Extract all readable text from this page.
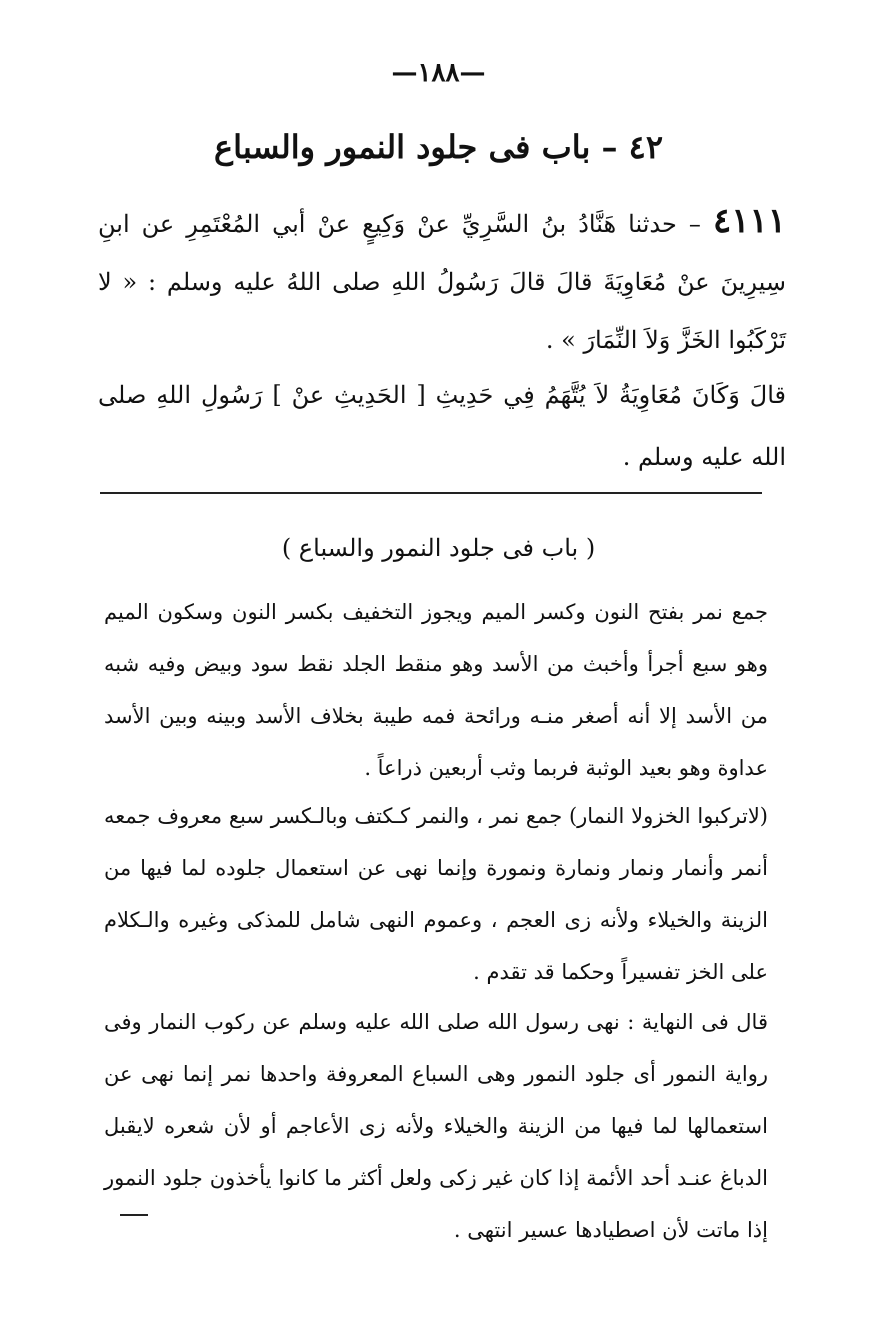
—١٨٨—
٤٢ – باب فى جلود النمور والسباع
٤١١١ – حدثنا هَنَّادُ بنُ السَّرِيِّ عنْ وَكِيعٍ عنْ أبي المُعْتَمِرِ عن ابنِ سِيرِينَ عنْ مُعَاوِيَةَ قالَ قالَ رَسُولُ اللهِ صلى اللهُ عليه وسلم : « لا تَرْكَبُوا الخَزَّ وَلاَ النِّمَارَ » .
قالَ وَكَانَ مُعَاوِيَةُ لاَ يُتَّهَمُ فِي حَدِيثِ [ الحَدِيثِ عنْ ] رَسُولِ اللهِ صلى الله عليه وسلم .
( باب فى جلود النمور والسباع )

جمع نمر بفتح النون وكسر الميم ويجوز التخفيف بكسر النون وسكون الميم وهو سبع أجرأ وأخبث من الأسد وهو منقط الجلد نقط سود وبيض وفيه شبه من الأسد إلا أنه أصغر منـه ورائحة فمه طيبة بخلاف الأسد وبينه وبين الأسد عداوة وهو بعيد الوثبة فربما وثب أربعين ذراعاً .

(لاتركبوا الخزولا النمار) جمع نمر ، والنمر كـكتف وبالـكسر سبع معروف جمعه أنمر وأنمار ونمار ونمارة ونمورة وإنما نهى عن استعمال جلوده لما فيها من الزينة والخيلاء ولأنه زى العجم ، وعموم النهى شامل للمذكى وغيره والـكلام على الخز تفسيراً وحكما قد تقدم .

قال فى النهاية : نهى رسول الله صلى الله عليه وسلم عن ركوب النمار وفى رواية النمور أى جلود النمور وهى السباع المعروفة واحدها نمر إنما نهى عن استعمالها لما فيها من الزينة والخيلاء ولأنه زى الأعاجم أو لأن شعره لايقبل الدباغ عنـد أحد الأئمة إذا كان غير زكى ولعل أكثر ما كانوا يأخذون جلود النمور إذا ماتت لأن اصطيادها عسير انتهى .
